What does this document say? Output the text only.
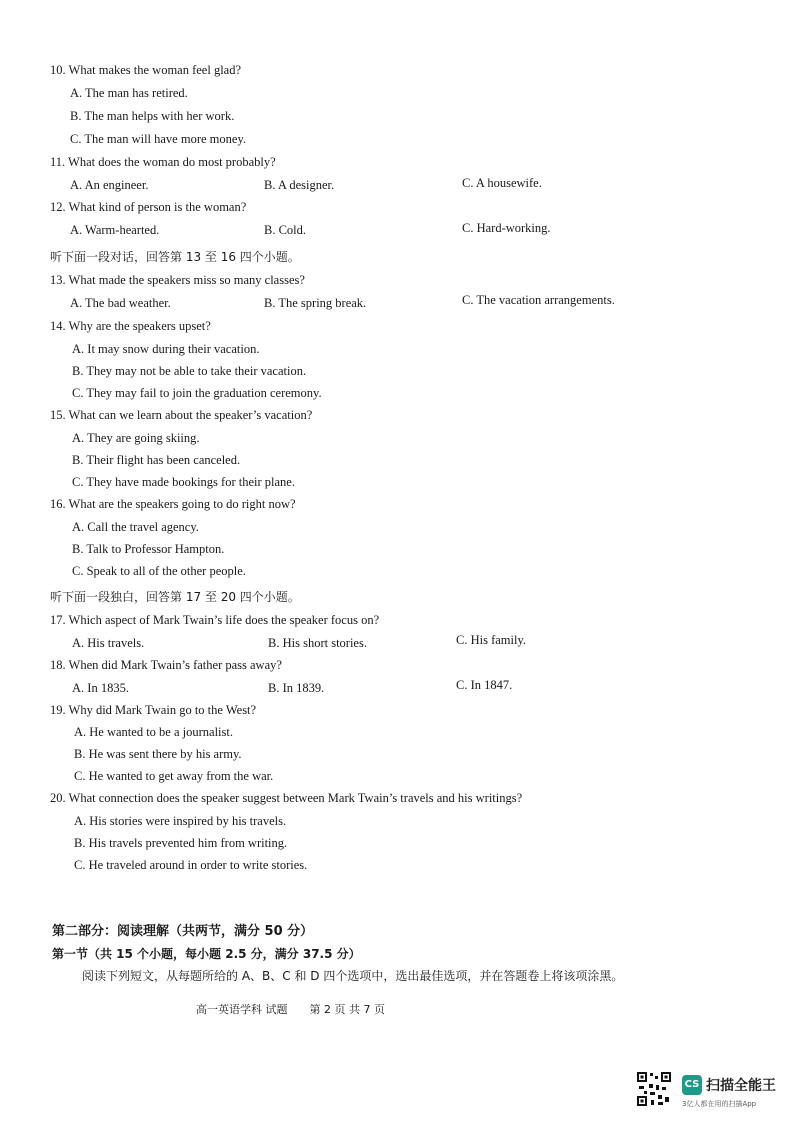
10. What makes the woman feel glad?
A. The man has retired.
B. The man helps with her work.
C. The man will have more money.
11. What does the woman do most probably?
A. An engineer.	B. A designer.	C. A housewife.
12. What kind of person is the woman?
A. Warm-hearted.	B. Cold.	C. Hard-working.
听下面一段对话，回答第 13 至 16 四个小题。
13. What made the speakers miss so many classes?
A. The bad weather.	B. The spring break.	C. The vacation arrangements.
14. Why are the speakers upset?
A. It may snow during their vacation.
B. They may not be able to take their vacation.
C. They may fail to join the graduation ceremony.
15. What can we learn about the speaker’s vacation?
A. They are going skiing.
B. Their flight has been canceled.
C. They have made bookings for their plane.
16. What are the speakers going to do right now?
A. Call the travel agency.
B. Talk to Professor Hampton.
C. Speak to all of the other people.
听下面一段独白，回答第 17 至 20 四个小题。
17. Which aspect of Mark Twain’s life does the speaker focus on?
A. His travels.	B. His short stories.	C. His family.
18. When did Mark Twain’s father pass away?
A. In 1835.	B. In 1839.	C. In 1847.
19. Why did Mark Twain go to the West?
A. He wanted to be a journalist.
B. He was sent there by his army.
C. He wanted to get away from the war.
20. What connection does the speaker suggest between Mark Twain’s travels and his writings?
A. His stories were inspired by his travels.
B. His travels prevented him from writing.
C. He traveled around in order to write stories.
第二部分：阅读理解（共两节，满分 50 分）
第一节（共 15 个小题，每小题 2.5 分，满分 37.5 分）
阅读下列短文，从每题所给的 A、B、C 和 D 四个选项中，选出最佳选项，并在答题卷上将该项涂黑。
高一英语学科 试题　　第 2 页 共 7 页
CS 扫描全能王
3亿人都在用的扫描App
